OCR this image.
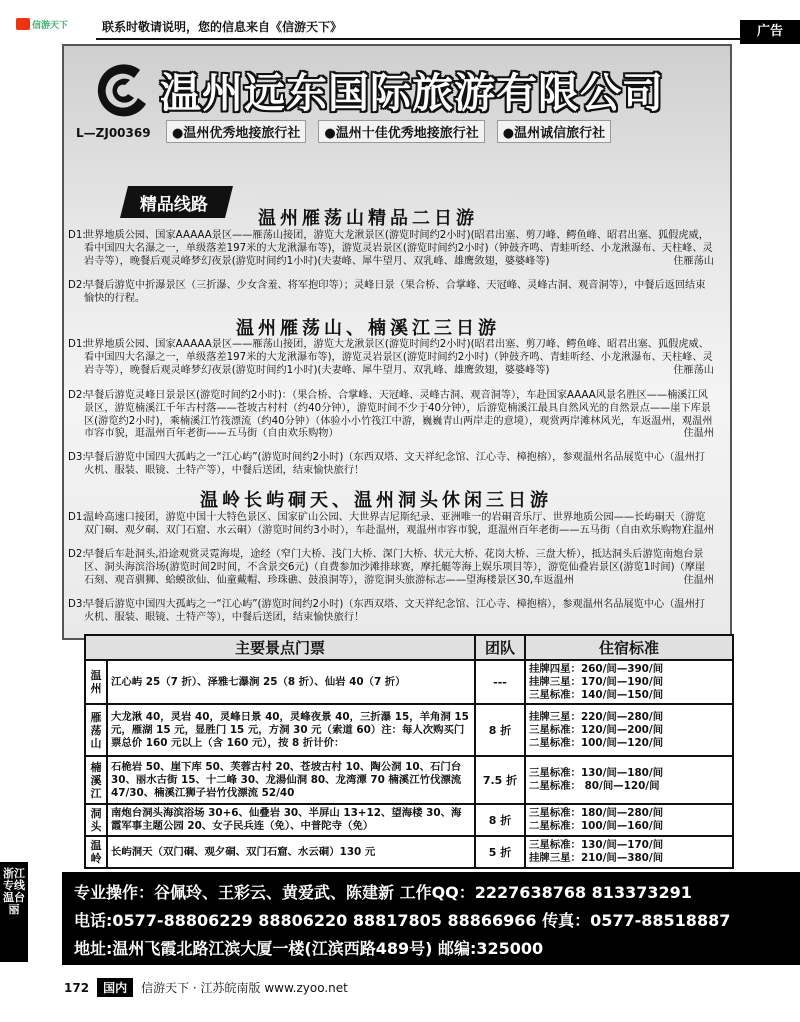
信游天下	联系时敬请说明，您的信息来自《信游天下》	广告
温州远东国际旅游有限公司
L—ZJ00369	● 温州优秀地接旅行社	● 温州十佳优秀地接旅行社	● 温州诚信旅行社
精品线路
温州雁荡山精品二日游
D1:
世界地质公园、国家AAAAA景区——雁荡山接团，游览大龙湫景区(游览时间约2小时)(昭君出塞、剪刀峰、鳄鱼峰、昭君出塞、狐假虎威，看中国四大名瀑之一，单级落差197米的大龙湫瀑布等)，游览灵岩景区(游览时间约2小时)（钟鼓齐鸣、青蛙听经、小龙湫瀑布、天柱峰、灵岩寺等），晚餐后观灵峰梦幻夜景(游览时间约1小时)(夫妻峰、犀牛望月、双乳峰、雄鹰敛翅，婆婆峰等)	住雁荡山
D2:
早餐后游览中折瀑景区（三折瀑、少女含羞、将军抱印等）；灵峰日景（果合桥、合掌峰、天冠峰、灵峰古洞、观音洞等），中餐后返回结束愉快的行程。
温州雁荡山、楠溪江三日游
D1:
世界地质公园、国家AAAAA景区——雁荡山接团，游览大龙湫景区(游览时间约2小时)(昭君出塞、剪刀峰、鳄鱼峰、昭君出塞、狐假虎威、看中国四大名瀑之一，单级落差197米的大龙湫瀑布等)，游览灵岩景区(游览时间约2小时)（钟鼓齐鸣、青蛙听经、小龙湫瀑布、天柱峰、灵岩寺等），晚餐后观灵峰梦幻夜景(游览时间约1小时)(夫妻峰、犀牛望月、双乳峰、雄鹰敛翅，婆婆峰等)	住雁荡山
D2:
早餐后游览灵峰日景景区(游览时间约2小时)：（果合桥、合掌峰、天冠峰、灵峰古洞、观音洞等），车赴国家AAAA风景名胜区——楠溪江风景区，游览楠溪江千年古村落——苍坡古村村（约40分钟），游览时间不少于40分钟），后游览楠溪江最具自然风光的自然景点——崖下库景区(游览约2小时)，乘楠溪江竹筏漂流（约40分钟）（体验小小竹筏江中游，巍巍青山两岸走的意境），观赏两岸滩林风光，车返温州，观温州市容市貌，逛温州百年老街——五马街（自由欢乐购物）	住温州
D3:
早餐后游览中国四大孤屿之一“江心屿”(游览时间约2小时)（东西双塔、文天祥纪念馆、江心寺、樟抱榕），参观温州名品展览中心（温州打火机、服装、眼镜、土特产等），中餐后送团，结束愉快旅行！
温岭长屿硐天、温州洞头休闲三日游
D1:
温岭高速口接团，游览中国十大特色景区、国家矿山公园、大世界吉尼斯纪录、亚洲唯一的岩硐音乐厅、世界地质公园——长屿硐天（游览双门硐、观夕硐、双门石窟、水云硐）（游览时间约3小时），车赴温州，观温州市容市貌，逛温州百年老街——五马街（自由欢乐购物）
住温州
D2:
早餐后车赴洞头,沿途观赏灵霓海堤，途经（窄门大桥、浅门大桥、深门大桥、状元大桥、花岗大桥、三盘大桥），抵达洞头后游览南炮台景区、洞头海滨浴场(游览时间2时间，不含景交6元)（自费参加沙滩排球赛，摩托艇等海上娱乐项目等），游览仙叠岩景区(游览1时间)（摩崖石刻、观音驯狮、蛤蟆欲仙、仙童戴帽、珍珠礁、鼓浪洞等），游览洞头旅游标志——望海楼景区30,车返温州	住温州
D3:
早餐后游览中国四大孤屿之一“江心屿”(游览时间约2小时)（东西双塔、文天祥纪念馆、江心寺、樟抱榕），参观温州名品展览中心（温州打火机、服装、眼镜、土特产等），中餐后送团，结束愉快旅行！
主要景点门票		团队	住宿标准
温州	江心屿 25（7 折）、泽雅七瀑涧 25（8 折）、仙岩 40（7 折）	---	挂牌四星：260/间—390/间
挂牌三星：170/间—190/间
三星标准：140/间—150/间

雁荡山	大龙湫 40，灵岩 40，灵峰日景 40，灵峰夜景 40，三折瀑 15，羊角洞 15 元，雁湖 15 元，显胜门 15 元，方洞 30 元（索道 60）注：每人次购买门票总价 160 元以上（含 160 元），按 8 折计价：	8 折	挂牌三星：220/间—280/间
三星标准：120/间—200/间
二星标准：100/间—120/间

楠溪江	石桅岩 50、崖下库 50、芙蓉古村 20、苍坡古村 10、陶公洞 10、石门台 30、丽水古街 15、十二峰 30、龙湯仙洞 80、龙湾潭 70 楠溪江竹伐漂流 47/30、楠溪江狮子岩竹伐漂流 52/40	7.5 折	三星标准：130/间—180/间
二星标准： 80/间—120/间

洞头	南炮台洞头海滨浴场 30+6、仙叠岩 30、半屏山 13+12、望海楼 30、海霞军事主题公园 20、女子民兵连（免）、中普陀寺（免）	8 折	三星标准：180/间—280/间
二星标准：100/间—160/间

温岭	长屿洞天（双门硐、观夕硐、双门石窟、水云硐）130 元	5 折	三星标准：130/间—170/间
挂牌三星：210/间—380/间
浙江专线温台丽
专业操作：谷佩玲、王彩云、黄爱武、陈建新 工作QQ：2227638768 813373291
电话:0577-88806229 88806220 88817805 88866966 传真：0577-88518887
地址:温州飞霞北路江滨大厦一楼(江滨西路489号) 邮编:325000
172	国内	信游天下 · 江苏皖南版 www.zyoo.net
